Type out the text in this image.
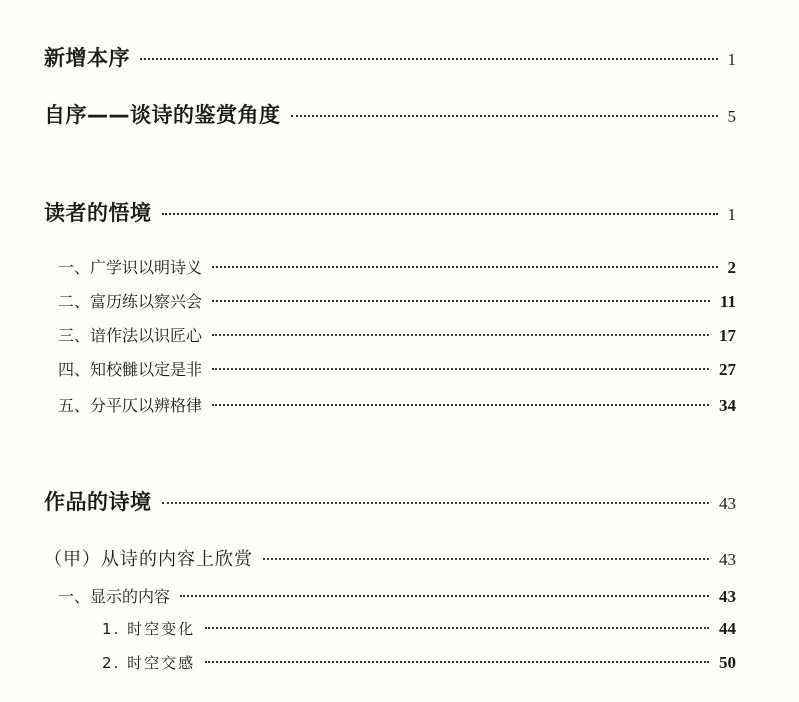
新增本序	1
自序——谈诗的鉴赏角度	5
读者的悟境	1
一、广学识以明诗义	2
二、富历练以察兴会	11
三、谙作法以识匠心	17
四、知校雠以定是非	27
五、分平仄以辨格律	34
作品的诗境	43
（甲）从诗的内容上欣赏	43
一、显示的内容	43
1. 时空变化	44
2. 时空交感	50
